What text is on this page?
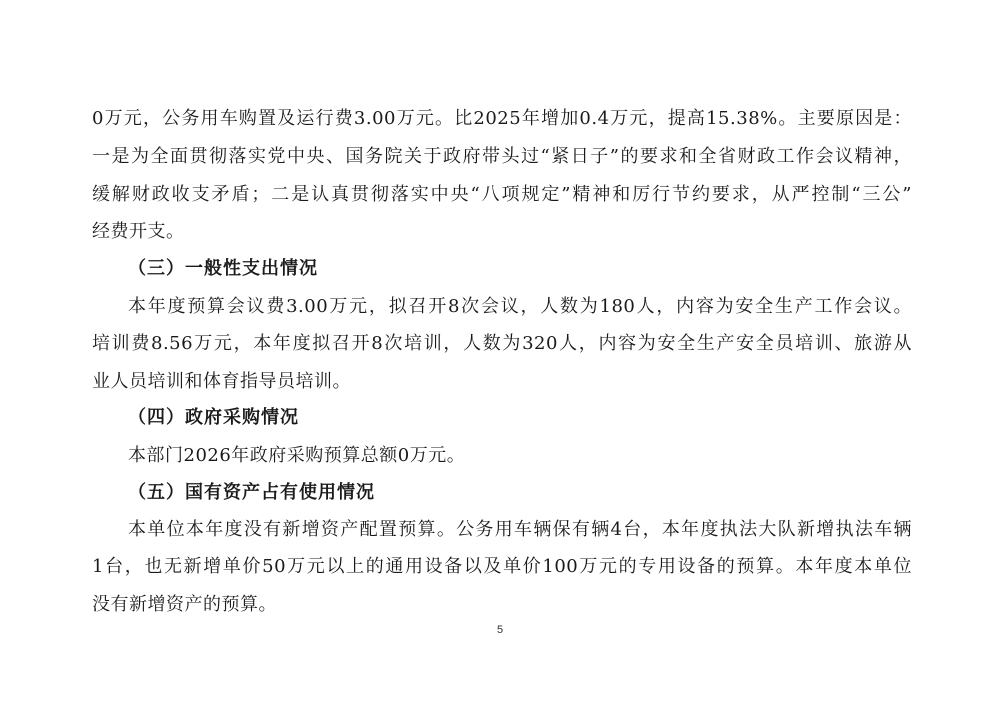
0万元，公务用车购置及运行费3.00万元。比2025年增加0.4万元，提高15.38%。主要原因是：
一是为全面贯彻落实党中央、国务院关于政府带头过“紧日子”的要求和全省财政工作会议精神，
缓解财政收支矛盾；二是认真贯彻落实中央“八项规定”精神和厉行节约要求，从严控制“三公”
经费开支。
（三）一般性支出情况
本年度预算会议费3.00万元，拟召开8次会议，人数为180人，内容为安全生产工作会议。
培训费8.56万元，本年度拟召开8次培训，人数为320人，内容为安全生产安全员培训、旅游从
业人员培训和体育指导员培训。
（四）政府采购情况
本部门2026年政府采购预算总额0万元。
（五）国有资产占有使用情况
本单位本年度没有新增资产配置预算。公务用车辆保有辆4台，本年度执法大队新增执法车辆
1台，也无新增单价50万元以上的通用设备以及单价100万元的专用设备的预算。本年度本单位
没有新增资产的预算。
5
